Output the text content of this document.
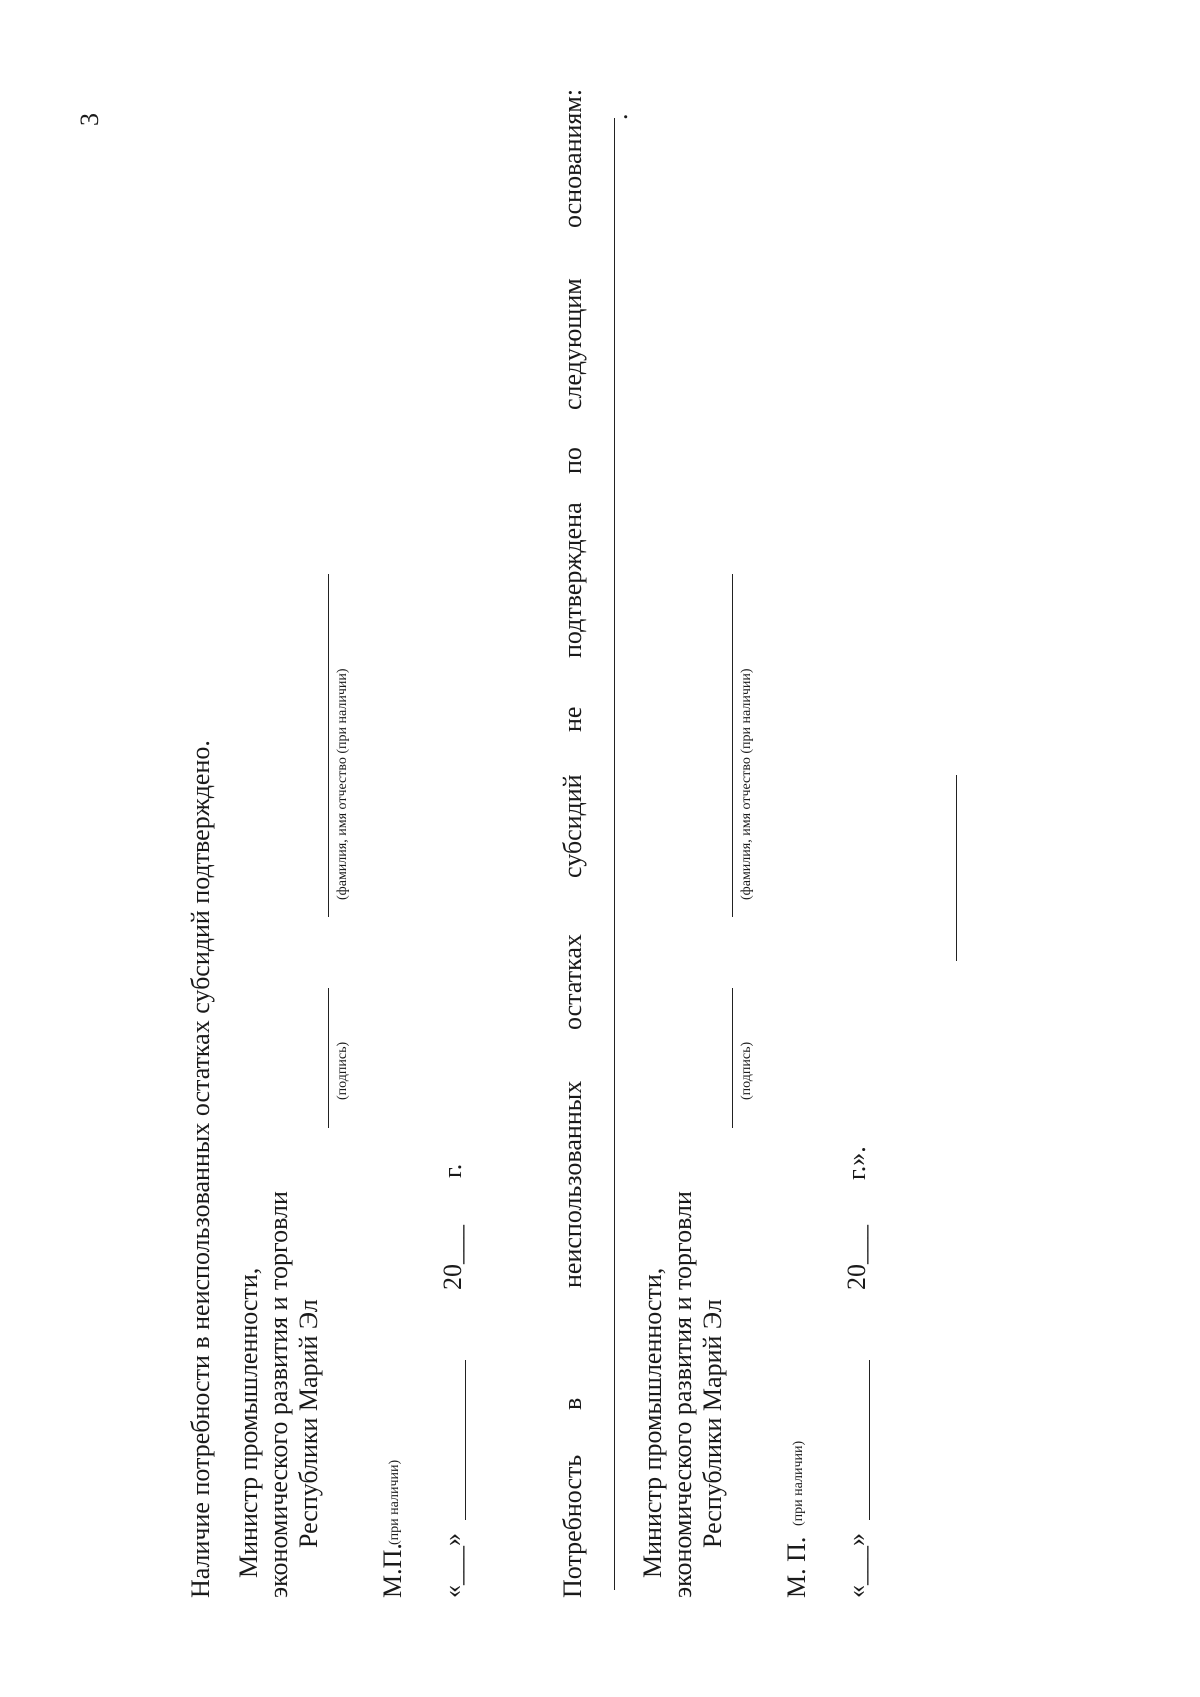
3
Наличие потребности в неиспользованных остатках субсидий подтверждено. Министр промышленности, экономического развития и торговли Республики Марий Эл
(подпись)
(фамилия, имя отчество (при наличии)
М.П.
(при наличии)
«___»
20___
г.
Потребность
в
неиспользованных
остатках
субсидий
не
подтверждена
по
следующим
основаниям: .
Министр промышленности, экономического развития и торговли Республики Марий Эл
(подпись)
(фамилия, имя отчество (при наличии)
М. П.
(при наличии)
«___»
20___
г.».
